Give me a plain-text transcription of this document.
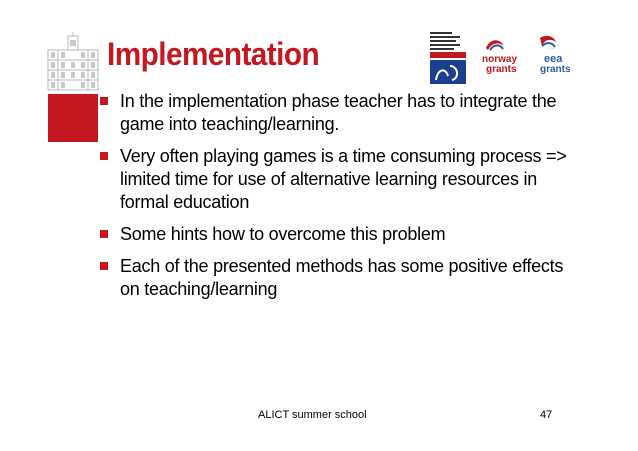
Implementation	norway
grants
···
eea
grants
In the implementation phase teacher has to integrate the game into teaching/learning.
Very often playing games is a time consuming process => limited time for use of alternative learning resources in formal education
Some hints how to overcome this problem
Each of the presented methods has some positive effects on teaching/learning
ALICT summer school	47
